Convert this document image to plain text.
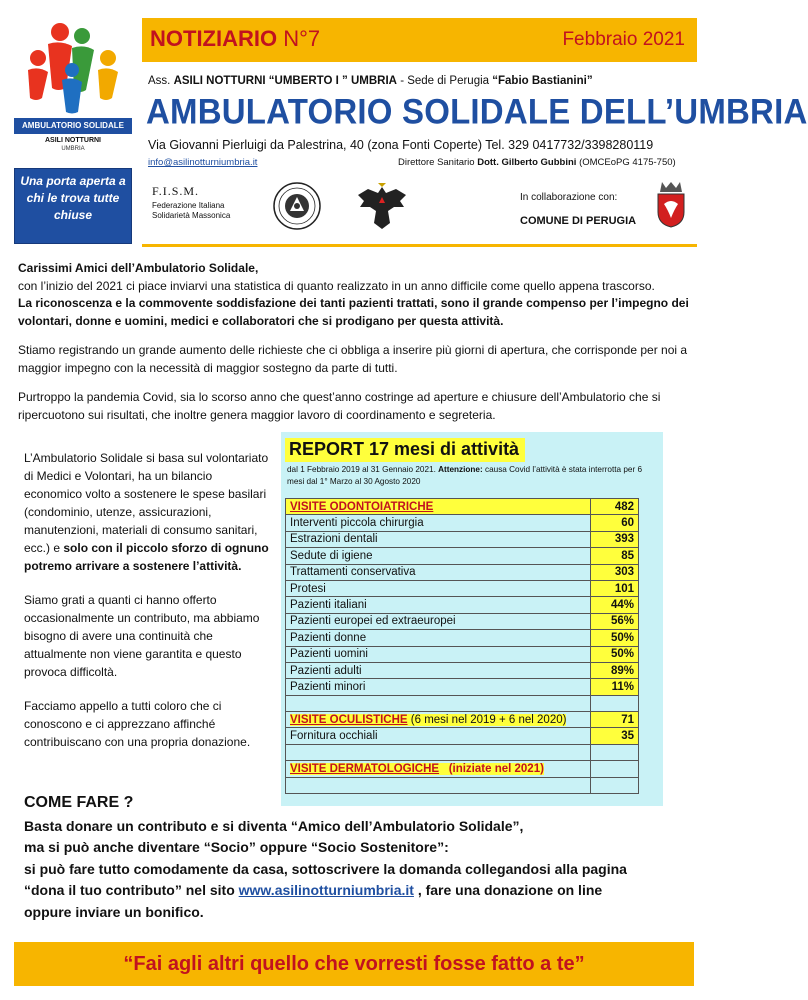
AMBULATORIO SOLIDALE
ASILI NOTTURNI
UMBRIA
Una porta aperta a chi le trova tutte chiuse
NOTIZIARIO N°7	Febbraio 2021
Ass. ASILI NOTTURNI “UMBERTO I ” UMBRIA - Sede di Perugia “Fabio Bastianini”
AMBULATORIO SOLIDALE DELL’UMBRIA
Via Giovanni Pierluigi da Palestrina, 40 (zona Fonti Coperte) Tel. 329 0417732/3398280119
info@asilinotturniumbria.it	Direttore Sanitario Dott. Gilberto Gubbini (OMCEoPG 4175-750)
F.I.S.M.
Federazione Italiana
Solidarietà Massonica
In collaborazione con:
COMUNE DI PERUGIA

Carissimi Amici dell’Ambulatorio Solidale,
con l’inizio del 2021 ci piace inviarvi una statistica di quanto realizzato in un anno difficile come quello appena trascorso.
La riconoscenza e la commovente soddisfazione dei tanti pazienti trattati, sono il grande compenso per l’impegno dei volontari, donne e uomini, medici e collaboratori che si prodigano per questa attività.

Stiamo registrando un grande aumento delle richieste che ci obbliga a inserire più giorni di apertura, che corrisponde per noi a maggior impegno con la necessità di maggior sostegno da parte di tutti.

Purtroppo la pandemia Covid, sia lo scorso anno che quest’anno costringe ad aperture e chiusure dell’Ambulatorio che si ripercuotono sui risultati, che inoltre genera maggior lavoro di coordinamento e segreteria.

L’Ambulatorio Solidale si basa sul volontariato di Medici e Volontari, ha un bilancio economico volto a sostenere le spese basilari (condominio, utenze, assicurazioni, manutenzioni, materiali di consumo sanitari, ecc.) e solo con il piccolo sforzo di ognuno potremo arrivare a sostenere l’attività.

Siamo grati a quanti ci hanno offerto occasionalmente un contributo, ma abbiamo bisogno di avere una continuità che attualmente non viene garantita e questo provoca difficoltà.

Facciamo appello a tutti coloro che ci conoscono e ci apprezzano affinché contribuiscano con una propria donazione.

REPORT 17 mesi di attività
dal 1 Febbraio 2019 al 31 Gennaio 2021. Attenzione: causa Covid l’attività è stata interrotta per 6 mesi dal 1° Marzo al 30 Agosto 2020
VISITE ODONTOIATRICHE	482
Interventi piccola chirurgia	60
Estrazioni dentali	393
Sedute di igiene	85
Trattamenti conservativa	303
Protesi	101
Pazienti italiani	44%
Pazienti europei ed extraeuropei	56%
Pazienti donne	50%
Pazienti uomini	50%
Pazienti adulti	89%
Pazienti minori	11%

VISITE OCULISTICHE (6 mesi nel 2019 + 6 nel 2020)	71
Fornitura occhiali	35

VISITE DERMATOLOGICHE (iniziate nel 2021)	

COME FARE ?
Basta donare un contributo e si diventa “Amico dell’Ambulatorio Solidale”,
ma si può anche diventare “Socio” oppure “Socio Sostenitore”:
si può fare tutto comodamente da casa, sottoscrivere la domanda collegandosi alla pagina
“dona il tuo contributo” nel sito www.asilinotturniumbria.it , fare una donazione on line
oppure inviare un bonifico.
“Fai agli altri quello che vorresti fosse fatto a te”
